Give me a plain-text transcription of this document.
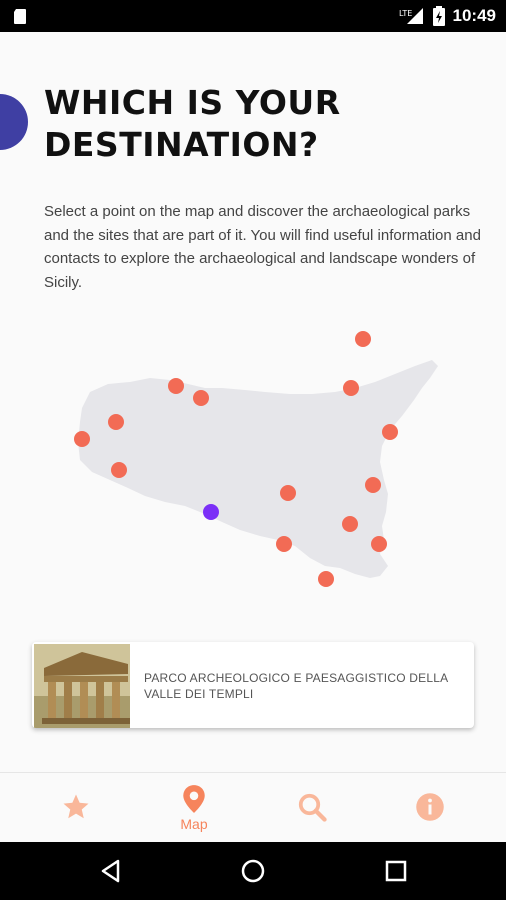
LTE 10:49
WHICH IS YOUR
DESTINATION?

Select a point on the map and discover the archaeological parks and the sites that are part of it. You will find useful information and contacts to explore the archaeological and landscape wonders of Sicily.

PARCO ARCHEOLOGICO E PAESAGGISTICO DELLA VALLE DEI TEMPLI
Map
